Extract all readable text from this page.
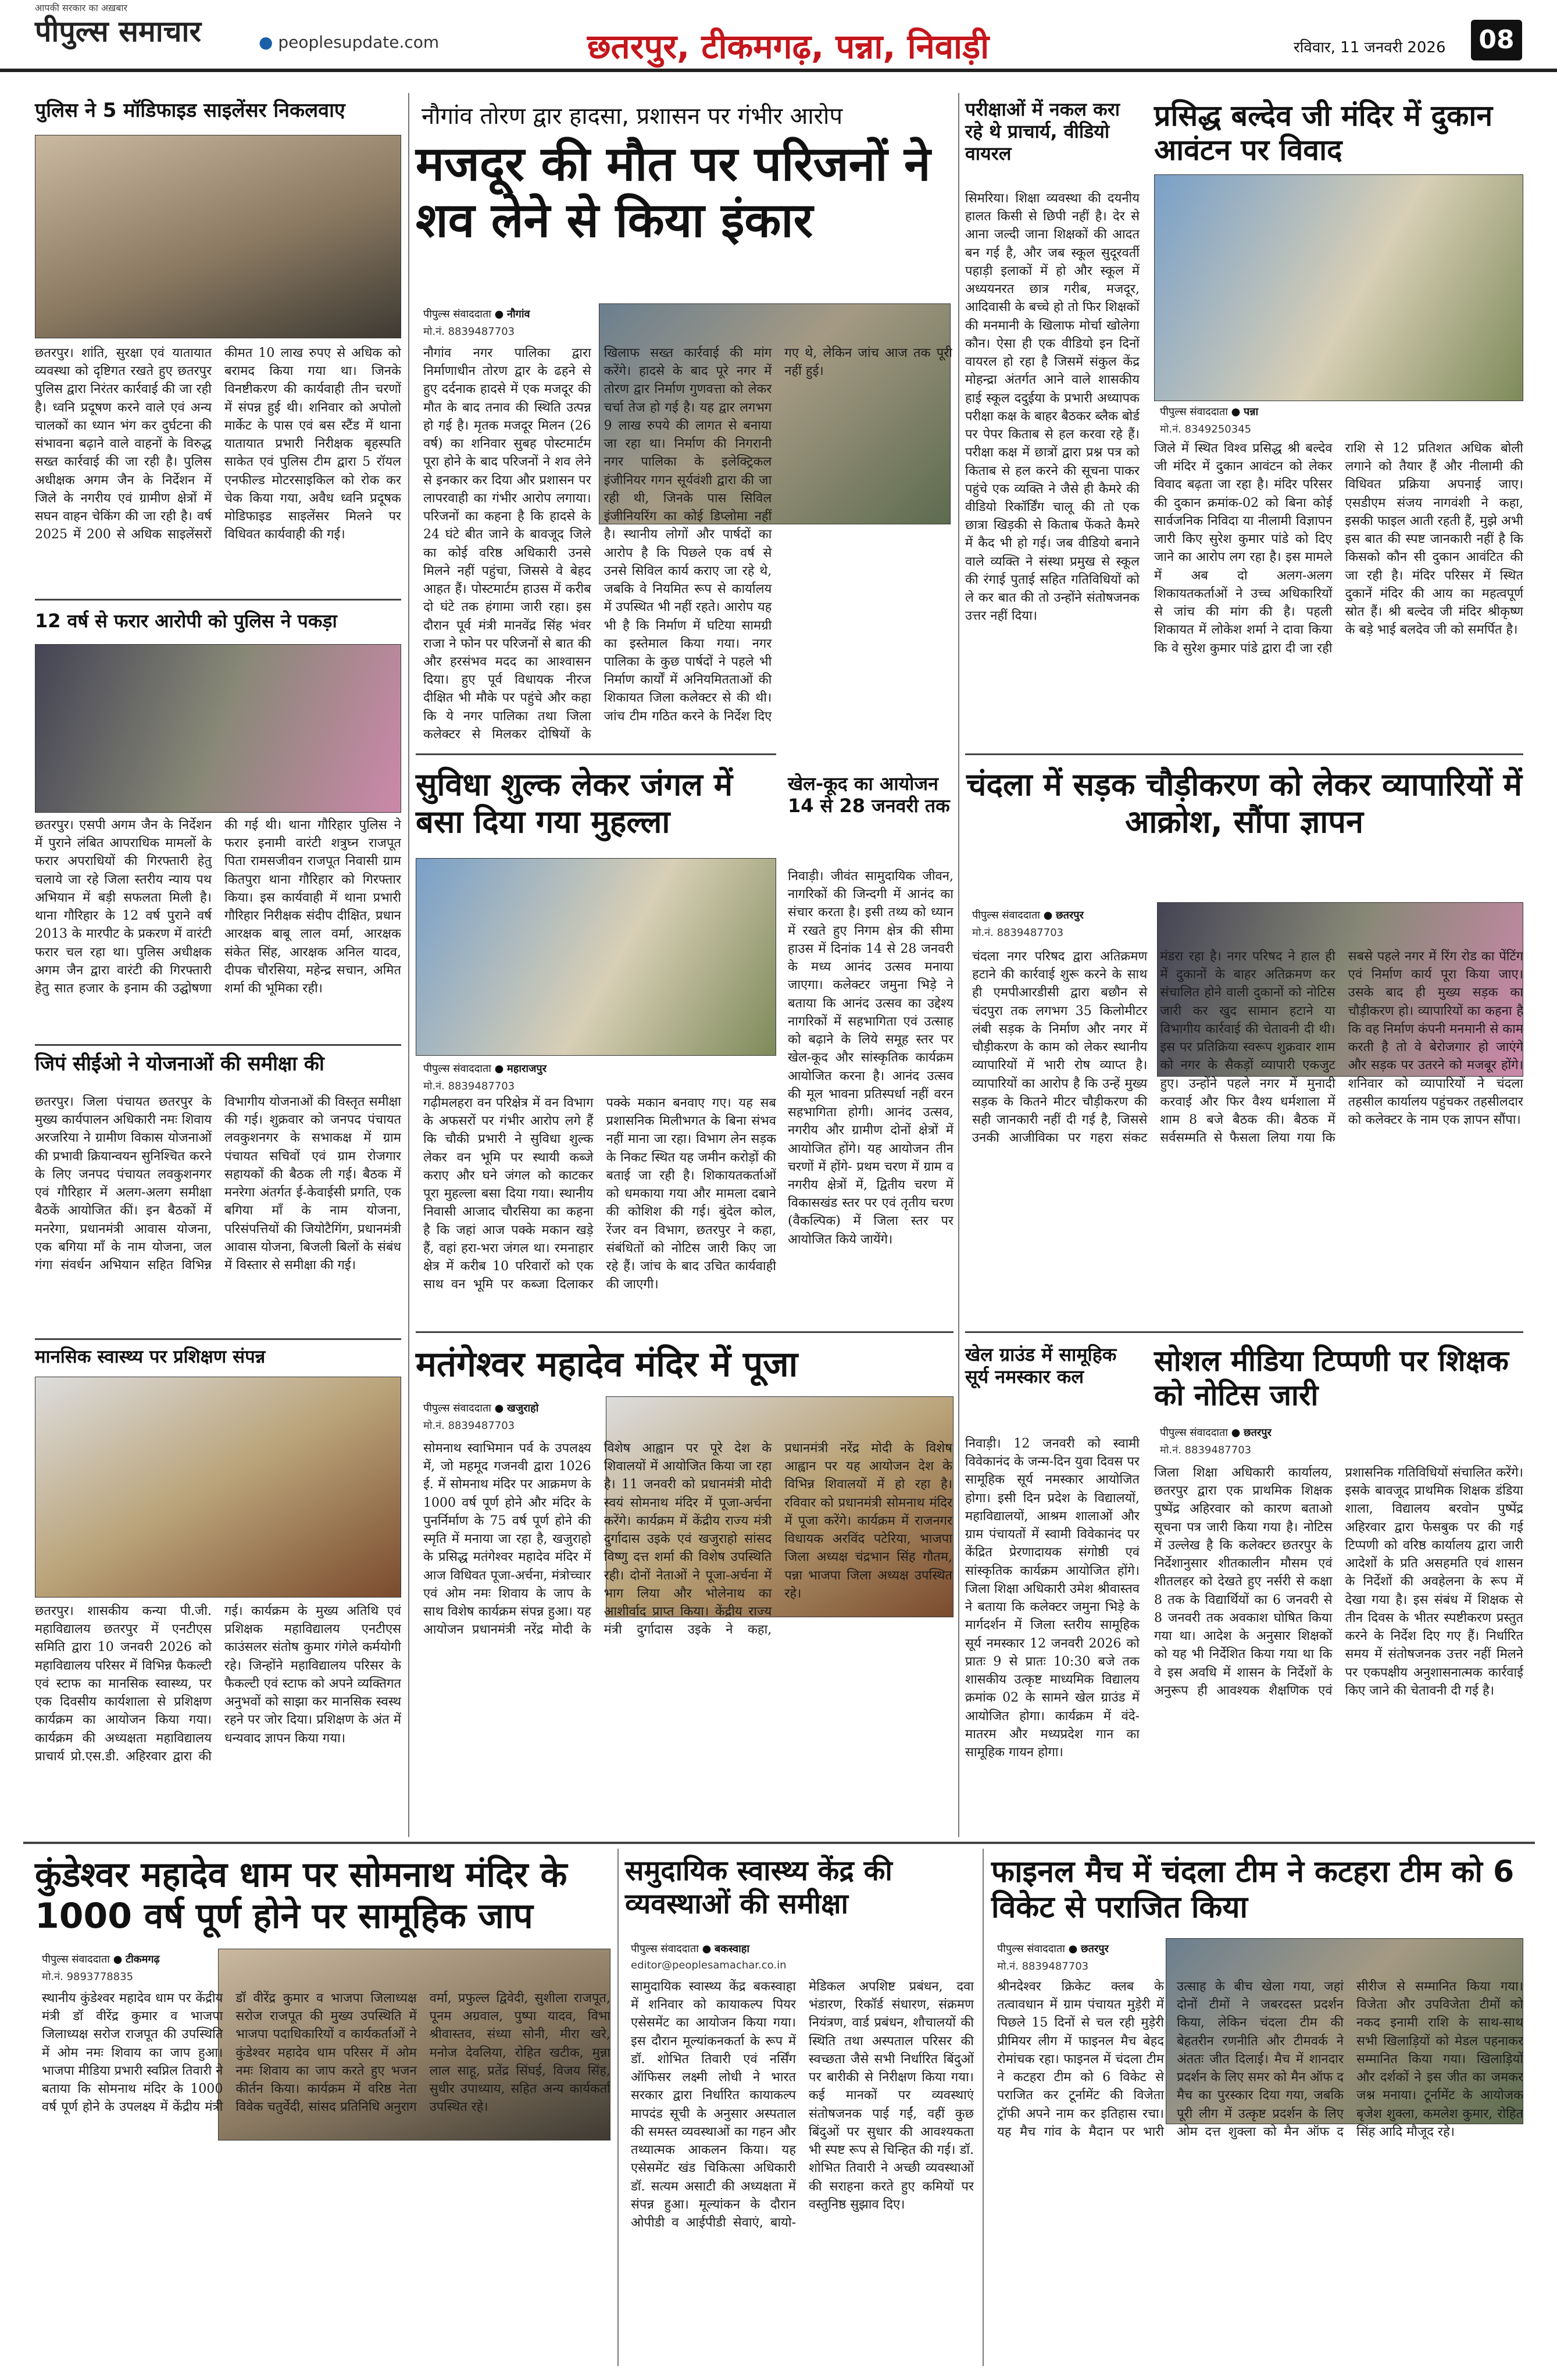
आपकी सरकार का अख़बार
पीपुल्स समाचार	● peoplesupdate.com	छतरपुर, टीकमगढ़, पन्ना, निवाड़ी	रविवार, 11 जनवरी 2026	08
पुलिस ने 5 मॉडिफाइड साइलेंसर निकलवाए
छतरपुर। शांति, सुरक्षा एवं यातायात व्यवस्था को दृष्टिगत रखते हुए छतरपुर पुलिस द्वारा निरंतर कार्रवाई की जा रही है। ध्वनि प्रदूषण करने वाले एवं अन्य चालकों का ध्यान भंग कर दुर्घटना की संभावना बढ़ाने वाले वाहनों के विरुद्ध सख्त कार्रवाई की जा रही है। पुलिस अधीक्षक अगम जैन के निर्देशन में जिले के नगरीय एवं ग्रामीण क्षेत्रों में सघन वाहन चेकिंग की जा रही है। वर्ष 2025 में 200 से अधिक साइलेंसरों कीमत 10 लाख रुपए से अधिक को बरामद किया गया था। जिनके विनष्टीकरण की कार्यवाही तीन चरणों में संपन्न हुई थी। शनिवार को अपोलो मार्केट के पास एवं बस स्टैंड में थाना यातायात प्रभारी निरीक्षक बृहस्पति साकेत एवं पुलिस टीम द्वारा 5 रॉयल एनफील्ड मोटरसाइकिल को रोक कर चेक किया गया, अवैध ध्वनि प्रदूषक मोडिफाइड साइलेंसर मिलने पर विधिवत कार्यवाही की गई।
12 वर्ष से फरार आरोपी को पुलिस ने पकड़ा
छतरपुर। एसपी अगम जैन के निर्देशन में पुराने लंबित आपराधिक मामलों के फरार अपराधियों की गिरफ्तारी हेतु चलाये जा रहे जिला स्तरीय न्याय पथ अभियान में बड़ी सफलता मिली है। थाना गौरिहार के 12 वर्ष पुराने वर्ष 2013 के मारपीट के प्रकरण में वारंटी फरार चल रहा था। पुलिस अधीक्षक अगम जैन द्वारा वारंटी की गिरफ्तारी हेतु सात हजार के इनाम की उद्घोषणा की गई थी। थाना गौरिहार पुलिस ने फरार इनामी वारंटी शत्रुघ्न राजपूत पिता रामसजीवन राजपूत निवासी ग्राम कितपुरा थाना गौरिहार को गिरफ्तार किया। इस कार्यवाही में थाना प्रभारी गौरिहार निरीक्षक संदीप दीक्षित, प्रधान आरक्षक बाबू लाल वर्मा, आरक्षक संकेत सिंह, आरक्षक अनिल यादव, दीपक चौरसिया, महेन्द्र सचान, अमित शर्मा की भूमिका रही।
जिपं सीईओ ने योजनाओं की समीक्षा की
छतरपुर। जिला पंचायत छतरपुर के मुख्य कार्यपालन अधिकारी नमः शिवाय अरजरिया ने ग्रामीण विकास योजनाओं की प्रभावी क्रियान्वयन सुनिश्चित करने के लिए जनपद पंचायत लवकुशनगर एवं गौरिहार में अलग-अलग समीक्षा बैठकें आयोजित कीं। इन बैठकों में मनरेगा, प्रधानमंत्री आवास योजना, एक बगिया माँ के नाम योजना, जल गंगा संवर्धन अभियान सहित विभिन्न विभागीय योजनाओं की विस्तृत समीक्षा की गई। शुक्रवार को जनपद पंचायत लवकुशनगर के सभाकक्ष में ग्राम पंचायत सचिवों एवं ग्राम रोजगार सहायकों की बैठक ली गई। बैठक में मनरेगा अंतर्गत ई-केवाईसी प्रगति, एक बगिया माँ के नाम योजना, परिसंपत्तियों की जियोटैगिंग, प्रधानमंत्री आवास योजना, बिजली बिलों के संबंध में विस्तार से समीक्षा की गई।
मानसिक स्वास्थ्य पर प्रशिक्षण संपन्न
छतरपुर। शासकीय कन्या पी.जी. महाविद्यालय छतरपुर में एनटीएस समिति द्वारा 10 जनवरी 2026 को महाविद्यालय परिसर में विभिन्न फैकल्टी एवं स्टाफ का मानसिक स्वास्थ्य, पर एक दिवसीय कार्यशाला से प्रशिक्षण कार्यक्रम का आयोजन किया गया। कार्यक्रम की अध्यक्षता महाविद्यालय प्राचार्य प्रो.एस.डी. अहिरवार द्वारा की गई। कार्यक्रम के मुख्य अतिथि एवं प्रशिक्षक महाविद्यालय एनटीएस काउंसलर संतोष कुमार गंगेले कर्मयोगी रहे। जिन्होंने महाविद्यालय परिसर के फैकल्टी एवं स्टाफ को अपने व्यक्तिगत अनुभवों को साझा कर मानसिक स्वस्थ रहने पर जोर दिया। प्रशिक्षण के अंत में धन्यवाद ज्ञापन किया गया।
नौगांव तोरण द्वार हादसा, प्रशासन पर गंभीर आरोप
मजदूर की मौत पर परिजनों ने शव लेने से किया इंकार
पीपुल्स संवाददाता ● नौगांव
मो.नं. 8839487703
नौगांव नगर पालिका द्वारा निर्माणाधीन तोरण द्वार के ढहने से हुए दर्दनाक हादसे में एक मजदूर की मौत के बाद तनाव की स्थिति उत्पन्न हो गई है। मृतक मजदूर मिलन (26 वर्ष) का शनिवार सुबह पोस्टमार्टम पूरा होने के बाद परिजनों ने शव लेने से इनकार कर दिया और प्रशासन पर लापरवाही का गंभीर आरोप लगाया। परिजनों का कहना है कि हादसे के 24 घंटे बीत जाने के बावजूद जिले का कोई वरिष्ठ अधिकारी उनसे मिलने नहीं पहुंचा, जिससे वे बेहद आहत हैं। पोस्टमार्टम हाउस में करीब दो घंटे तक हंगामा जारी रहा। इस दौरान पूर्व मंत्री मानवेंद्र सिंह भंवर राजा ने फोन पर परिजनों से बात की और हरसंभव मदद का आश्वासन दिया। हुए पूर्व विधायक नीरज दीक्षित भी मौके पर पहुंचे और कहा कि ये नगर पालिका तथा जिला कलेक्टर से मिलकर दोषियों के खिलाफ सख्त कार्रवाई की मांग करेंगे। हादसे के बाद पूरे नगर में तोरण द्वार निर्माण गुणवत्ता को लेकर चर्चा तेज हो गई है। यह द्वार लगभग 9 लाख रुपये की लागत से बनाया जा रहा था। निर्माण की निगरानी नगर पालिका के इलेक्ट्रिकल इंजीनियर गगन सूर्यवंशी द्वारा की जा रही थी, जिनके पास सिविल इंजीनियरिंग का कोई डिप्लोमा नहीं है। स्थानीय लोगों और पार्षदों का आरोप है कि पिछले एक वर्ष से उनसे सिविल कार्य कराए जा रहे थे, जबकि वे नियमित रूप से कार्यालय में उपस्थित भी नहीं रहते। आरोप यह भी है कि निर्माण में घटिया सामग्री का इस्तेमाल किया गया। नगर पालिका के कुछ पार्षदों ने पहले भी निर्माण कार्यों में अनियमितताओं की शिकायत जिला कलेक्टर से की थी। जांच टीम गठित करने के निर्देश दिए गए थे, लेकिन जांच आज तक पूरी नहीं हुई।
सुविधा शुल्क लेकर जंगल में बसा दिया गया मुहल्ला
पीपुल्स संवाददाता ● महाराजपुर
मो.नं. 8839487703
गढ़ीमलहरा वन परिक्षेत्र में वन विभाग के अफसरों पर गंभीर आरोप लगे हैं कि चौकी प्रभारी ने सुविधा शुल्क लेकर वन भूमि पर स्थायी कब्जे कराए और घने जंगल को काटकर पूरा मुहल्ला बसा दिया गया। स्थानीय निवासी आजाद चौरसिया का कहना है कि जहां आज पक्के मकान खड़े हैं, वहां हरा-भरा जंगल था। रमनाहार क्षेत्र में करीब 10 परिवारों को एक साथ वन भूमि पर कब्जा दिलाकर पक्के मकान बनवाए गए। यह सब प्रशासनिक मिलीभगत के बिना संभव नहीं माना जा रहा। विभाग लेन सड़क के निकट स्थित यह जमीन करोड़ों की बताई जा रही है। शिकायतकर्ताओं को धमकाया गया और मामला दबाने की कोशिश की गई। बुंदेल कोल, रेंजर वन विभाग, छतरपुर ने कहा, संबंधितों को नोटिस जारी किए जा रहे हैं। जांच के बाद उचित कार्यवाही की जाएगी।
खेल-कूद का आयोजन 14 से 28 जनवरी तक
निवाड़ी। जीवंत सामुदायिक जीवन, नागरिकों की जिन्दगी में आनंद का संचार करता है। इसी तथ्य को ध्यान में रखते हुए निगम क्षेत्र की सीमा हाउस में दिनांक 14 से 28 जनवरी के मध्य आनंद उत्सव मनाया जाएगा। कलेक्टर जमुना भिड़े ने बताया कि आनंद उत्सव का उद्देश्य नागरिकों में सहभागिता एवं उत्साह को बढ़ाने के लिये समूह स्तर पर खेल-कूद और सांस्कृतिक कार्यक्रम आयोजित करना है। आनंद उत्सव की मूल भावना प्रतिस्पर्धा नहीं वरन सहभागिता होगी। आनंद उत्सव, नगरीय और ग्रामीण दोनों क्षेत्रों में आयोजित होंगे। यह आयोजन तीन चरणों में होंगे- प्रथम चरण में ग्राम व नगरीय क्षेत्रों में, द्वितीय चरण में विकासखंड स्तर पर एवं तृतीय चरण (वैकल्पिक) में जिला स्तर पर आयोजित किये जायेंगे।
मतंगेश्वर महादेव मंदिर में पूजा
पीपुल्स संवाददाता ● खजुराहो
मो.नं. 8839487703
सोमनाथ स्वाभिमान पर्व के उपलक्ष्य में, जो महमूद गजनवी द्वारा 1026 ई. में सोमनाथ मंदिर पर आक्रमण के 1000 वर्ष पूर्ण होने और मंदिर के पुनर्निर्माण के 75 वर्ष पूर्ण होने की स्मृति में मनाया जा रहा है, खजुराहो के प्रसिद्ध मतंगेश्वर महादेव मंदिर में आज विधिवत पूजा-अर्चना, मंत्रोच्चार एवं ओम नमः शिवाय के जाप के साथ विशेष कार्यक्रम संपन्न हुआ। यह आयोजन प्रधानमंत्री नरेंद्र मोदी के विशेष आह्वान पर पूरे देश के शिवालयों में आयोजित किया जा रहा है। 11 जनवरी को प्रधानमंत्री मोदी स्वयं सोमनाथ मंदिर में पूजा-अर्चना करेंगे। कार्यक्रम में केंद्रीय राज्य मंत्री दुर्गादास उइके एवं खजुराहो सांसद विष्णु दत्त शर्मा की विशेष उपस्थिति रही। दोनों नेताओं ने पूजा-अर्चना में भाग लिया और भोलेनाथ का आशीर्वाद प्राप्त किया। केंद्रीय राज्य मंत्री दुर्गादास उइके ने कहा, प्रधानमंत्री नरेंद्र मोदी के विशेष आह्वान पर यह आयोजन देश के विभिन्न शिवालयों में हो रहा है। रविवार को प्रधानमंत्री सोमनाथ मंदिर में पूजा करेंगे। कार्यक्रम में राजनगर विधायक अरविंद पटेरिया, भाजपा जिला अध्यक्ष चंद्रभान सिंह गौतम, पन्ना भाजपा जिला अध्यक्ष उपस्थित रहे।
परीक्षाओं में नकल करा रहे थे प्राचार्य, वीडियो वायरल
सिमरिया। शिक्षा व्यवस्था की दयनीय हालत किसी से छिपी नहीं है। देर से आना जल्दी जाना शिक्षकों की आदत बन गई है, और जब स्कूल सुदूरवर्ती पहाड़ी इलाकों में हो और स्कूल में अध्ययनरत छात्र गरीब, मजदूर, आदिवासी के बच्चे हो तो फिर शिक्षकों की मनमानी के खिलाफ मोर्चा खोलेगा कौन। ऐसा ही एक वीडियो इन दिनों वायरल हो रहा है जिसमें संकुल केंद्र मोहन्द्रा अंतर्गत आने वाले शासकीय हाई स्कूल ददुईया के प्रभारी अध्यापक परीक्षा कक्ष के बाहर बैठकर ब्लैक बोर्ड पर पेपर किताब से हल करवा रहे हैं। परीक्षा कक्ष में छात्रों द्वारा प्रश्न पत्र को किताब से हल करने की सूचना पाकर पहुंचे एक व्यक्ति ने जैसे ही कैमरे की वीडियो रिकॉर्डिंग चालू की तो एक छात्रा खिड़की से किताब फेंकते कैमरे में कैद भी हो गई। जब वीडियो बनाने वाले व्यक्ति ने संस्था प्रमुख से स्कूल की रंगाई पुताई सहित गतिविधियों को ले कर बात की तो उन्होंने संतोषजनक उत्तर नहीं दिया।
प्रसिद्ध बल्देव जी मंदिर में दुकान आवंटन पर विवाद
पीपुल्स संवाददाता ● पन्ना
मो.नं. 8349250345
जिले में स्थित विश्व प्रसिद्ध श्री बल्देव जी मंदिर में दुकान आवंटन को लेकर विवाद बढ़ता जा रहा है। मंदिर परिसर की दुकान क्रमांक-02 को बिना कोई सार्वजनिक निविदा या नीलामी विज्ञापन जारी किए सुरेश कुमार पांडे को दिए जाने का आरोप लग रहा है। इस मामले में अब दो अलग-अलग शिकायतकर्ताओं ने उच्च अधिकारियों से जांच की मांग की है। पहली शिकायत में लोकेश शर्मा ने दावा किया कि वे सुरेश कुमार पांडे द्वारा दी जा रही राशि से 12 प्रतिशत अधिक बोली लगाने को तैयार हैं और नीलामी की विधिवत प्रक्रिया अपनाई जाए। एसडीएम संजय नागवंशी ने कहा, इसकी फाइल आती रहती हैं, मुझे अभी इस बात की स्पष्ट जानकारी नहीं है कि किसको कौन सी दुकान आवंटित की जा रही है। मंदिर परिसर में स्थित दुकानें मंदिर की आय का महत्वपूर्ण स्रोत हैं। श्री बल्देव जी मंदिर श्रीकृष्ण के बड़े भाई बलदेव जी को समर्पित है।
चंदला में सड़क चौड़ीकरण को लेकर व्यापारियों में आक्रोश, सौंपा ज्ञापन
पीपुल्स संवाददाता ● छतरपुर
मो.नं. 8839487703
चंदला नगर परिषद द्वारा अतिक्रमण हटाने की कार्रवाई शुरू करने के साथ ही एमपीआरडीसी द्वारा बछौन से चंदपुरा तक लगभग 35 किलोमीटर लंबी सड़क के निर्माण और नगर में चौड़ीकरण के काम को लेकर स्थानीय व्यापारियों में भारी रोष व्याप्त है। व्यापारियों का आरोप है कि उन्हें मुख्य सड़क के कितने मीटर चौड़ीकरण की सही जानकारी नहीं दी गई है, जिससे उनकी आजीविका पर गहरा संकट मंडरा रहा है। नगर परिषद ने हाल ही में दुकानों के बाहर अतिक्रमण कर संचालित होने वाली दुकानों को नोटिस जारी कर खुद सामान हटाने या विभागीय कार्रवाई की चेतावनी दी थी। इस पर प्रतिक्रिया स्वरूप शुक्रवार शाम को नगर के सैकड़ों व्यापारी एकजुट हुए। उन्होंने पहले नगर में मुनादी करवाई और फिर वैश्य धर्मशाला में शाम 8 बजे बैठक की। बैठक में सर्वसम्मति से फैसला लिया गया कि सबसे पहले नगर में रिंग रोड का पेंटिंग एवं निर्माण कार्य पूरा किया जाए। उसके बाद ही मुख्य सड़क का चौड़ीकरण हो। व्यापारियों का कहना है कि वह निर्माण कंपनी मनमानी से काम करती है तो वे बेरोजगार हो जाएंगे और सड़क पर उतरने को मजबूर होंगे। शनिवार को व्यापारियों ने चंदला तहसील कार्यालय पहुंचकर तहसीलदार को कलेक्टर के नाम एक ज्ञापन सौंपा।
खेल ग्राउंड में सामूहिक सूर्य नमस्कार कल
निवाड़ी। 12 जनवरी को स्वामी विवेकानंद के जन्म-दिन युवा दिवस पर सामूहिक सूर्य नमस्कार आयोजित होगा। इसी दिन प्रदेश के विद्यालयों, महाविद्यालयों, आश्रम शालाओं और ग्राम पंचायतों में स्वामी विवेकानंद पर केंद्रित प्रेरणादायक संगोष्ठी एवं सांस्कृतिक कार्यक्रम आयोजित होंगे। जिला शिक्षा अधिकारी उमेश श्रीवास्तव ने बताया कि कलेक्टर जमुना भिड़े के मार्गदर्शन में जिला स्तरीय सामूहिक सूर्य नमस्कार 12 जनवरी 2026 को प्रातः 9 से प्रातः 10:30 बजे तक शासकीय उत्कृष्ट माध्यमिक विद्यालय क्रमांक 02 के सामने खेल ग्राउंड में आयोजित होगा। कार्यक्रम में वंदे-मातरम और मध्यप्रदेश गान का सामूहिक गायन होगा।
सोशल मीडिया टिप्पणी पर शिक्षक को नोटिस जारी
पीपुल्स संवाददाता ● छतरपुर
मो.नं. 8839487703
जिला शिक्षा अधिकारी कार्यालय, छतरपुर द्वारा एक प्राथमिक शिक्षक पुष्पेंद्र अहिरवार को कारण बताओ सूचना पत्र जारी किया गया है। नोटिस में उल्लेख है कि कलेक्टर छतरपुर के निर्देशानुसार शीतकालीन मौसम एवं शीतलहर को देखते हुए नर्सरी से कक्षा 8 तक के विद्यार्थियों का 6 जनवरी से 8 जनवरी तक अवकाश घोषित किया गया था। आदेश के अनुसार शिक्षकों को यह भी निर्देशित किया गया था कि वे इस अवधि में शासन के निर्देशों के अनुरूप ही आवश्यक शैक्षणिक एवं प्रशासनिक गतिविधियों संचालित करेंगे। इसके बावजूद प्राथमिक शिक्षक डंडिया शाला, विद्यालय बरवोन पुष्पेंद्र अहिरवार द्वारा फेसबुक पर की गई टिप्पणी को वरिष्ठ कार्यालय द्वारा जारी आदेशों के प्रति असहमति एवं शासन के निर्देशों की अवहेलना के रूप में देखा गया है। इस संबंध में शिक्षक से तीन दिवस के भीतर स्पष्टीकरण प्रस्तुत करने के निर्देश दिए गए हैं। निर्धारित समय में संतोषजनक उत्तर नहीं मिलने पर एकपक्षीय अनुशासनात्मक कार्रवाई किए जाने की चेतावनी दी गई है।
कुंडेश्वर महादेव धाम पर सोमनाथ मंदिर के 1000 वर्ष पूर्ण होने पर सामूहिक जाप
पीपुल्स संवाददाता ● टीकमगढ़
मो.नं. 9893778835
स्थानीय कुंडेश्वर महादेव धाम पर केंद्रीय मंत्री डॉ वीरेंद्र कुमार व भाजपा जिलाध्यक्ष सरोज राजपूत की उपस्थिति में ओम नमः शिवाय का जाप हुआ। भाजपा मीडिया प्रभारी स्वप्निल तिवारी ने बताया कि सोमनाथ मंदिर के 1000 वर्ष पूर्ण होने के उपलक्ष्य में केंद्रीय मंत्री डॉ वीरेंद्र कुमार व भाजपा जिलाध्यक्ष सरोज राजपूत की मुख्य उपस्थिति में भाजपा पदाधिकारियों व कार्यकर्ताओं ने कुंडेश्वर महादेव धाम परिसर में ओम नमः शिवाय का जाप करते हुए भजन कीर्तन किया। कार्यक्रम में वरिष्ठ नेता विवेक चतुर्वेदी, सांसद प्रतिनिधि अनुराग वर्मा, प्रफुल्ल द्विवेदी, सुशीला राजपूत, पूनम अग्रवाल, पुष्पा यादव, विभा श्रीवास्तव, संध्या सोनी, मीरा खरे, मनोज देवलिया, रोहित खटीक, मुन्ना लाल साहू, प्रतेंद्र सिंघई, विजय सिंह, सुधीर उपाध्याय, सहित अन्य कार्यकर्ता उपस्थित रहे।
समुदायिक स्वास्थ्य केंद्र की व्यवस्थाओं की समीक्षा
पीपुल्स संवाददाता ● बकस्वाहा
editor@peoplesamachar.co.in
सामुदायिक स्वास्थ्य केंद्र बकस्वाहा में शनिवार को कायाकल्प पियर एसेसमेंट का आयोजन किया गया। इस दौरान मूल्यांकनकर्ता के रूप में डॉ. शोभित तिवारी एवं नर्सिंग ऑफिसर लक्ष्मी लोधी ने भारत सरकार द्वारा निर्धारित कायाकल्प मापदंड सूची के अनुसार अस्पताल की समस्त व्यवस्थाओं का गहन और तथ्यात्मक आकलन किया। यह एसेसमेंट खंड चिकित्सा अधिकारी डॉ. सत्यम असाटी की अध्यक्षता में संपन्न हुआ। मूल्यांकन के दौरान ओपीडी व आईपीडी सेवाएं, बायो-मेडिकल अपशिष्ट प्रबंधन, दवा भंडारण, रिकॉर्ड संधारण, संक्रमण नियंत्रण, वार्ड प्रबंधन, शौचालयों की स्थिति तथा अस्पताल परिसर की स्वच्छता जैसे सभी निर्धारित बिंदुओं पर बारीकी से निरीक्षण किया गया। कई मानकों पर व्यवस्थाएं संतोषजनक पाई गईं, वहीं कुछ बिंदुओं पर सुधार की आवश्यकता भी स्पष्ट रूप से चिन्हित की गई। डॉ. शोभित तिवारी ने अच्छी व्यवस्थाओं की सराहना करते हुए कमियों पर वस्तुनिष्ठ सुझाव दिए।
फाइनल मैच में चंदला टीम ने कटहरा टीम को 6 विकेट से पराजित किया
पीपुल्स संवाददाता ● छतरपुर
मो.नं. 8839487703
श्रीनदेश्वर क्रिकेट क्लब के तत्वावधान में ग्राम पंचायत मुड़ेरी में पिछले 15 दिनों से चल रही मुड़ेरी प्रीमियर लीग में फाइनल मैच बेहद रोमांचक रहा। फाइनल में चंदला टीम ने कटहरा टीम को 6 विकेट से पराजित कर टूर्नामेंट की विजेता ट्रॉफी अपने नाम कर इतिहास रचा। यह मैच गांव के मैदान पर भारी उत्साह के बीच खेला गया, जहां दोनों टीमों ने जबरदस्त प्रदर्शन किया, लेकिन चंदला टीम की बेहतरीन रणनीति और टीमवर्क ने अंततः जीत दिलाई। मैच में शानदार प्रदर्शन के लिए समर को मैन ऑफ द मैच का पुरस्कार दिया गया, जबकि पूरी लीग में उत्कृष्ट प्रदर्शन के लिए ओम दत्त शुक्ला को मैन ऑफ द सीरीज से सम्मानित किया गया। विजेता और उपविजेता टीमों को नकद इनामी राशि के साथ-साथ सभी खिलाड़ियों को मेडल पहनाकर सम्मानित किया गया। खिलाड़ियों और दर्शकों ने इस जीत का जमकर जश्न मनाया। टूर्नामेंट के आयोजक बृजेश शुक्ला, कमलेश कुमार, रोहित सिंह आदि मौजूद रहे।
